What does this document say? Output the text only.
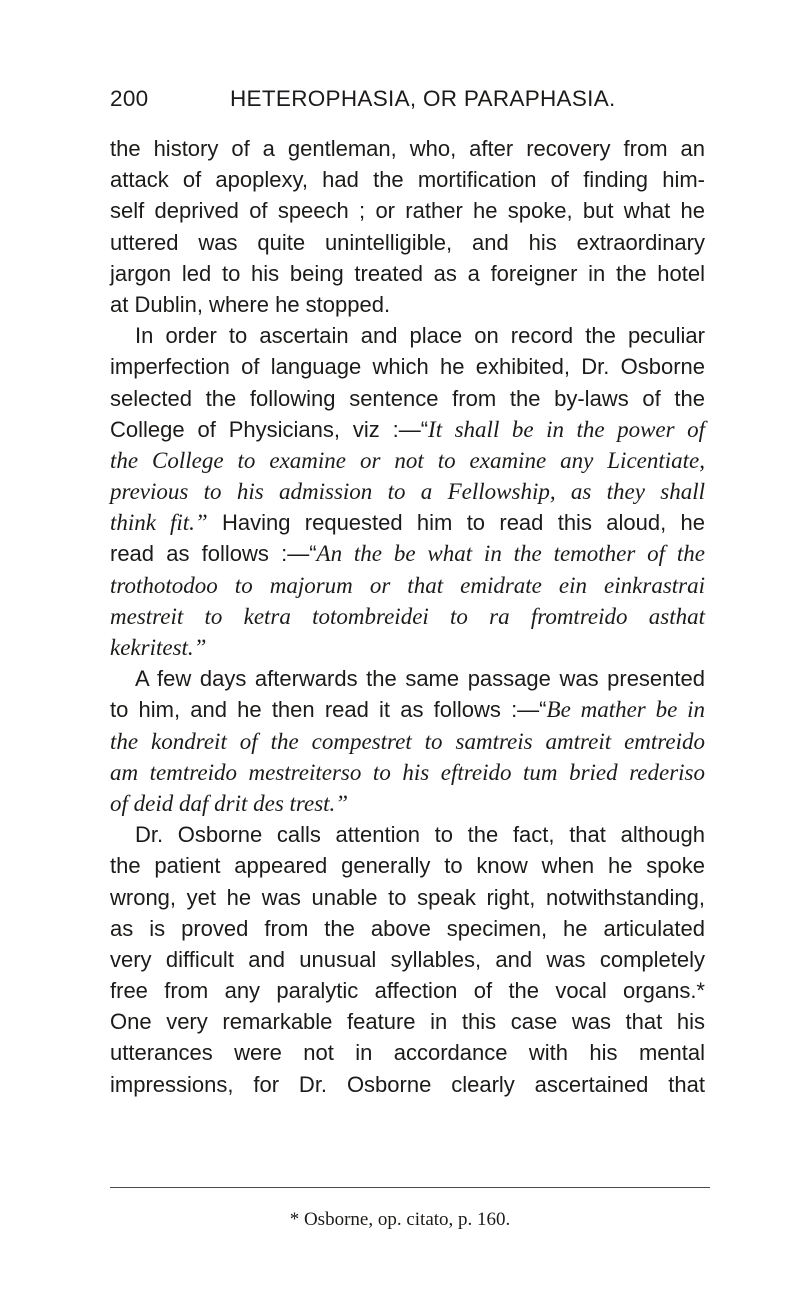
200	HETEROPHASIA, OR PARAPHASIA.
the history of a gentleman, who, after recovery from an
attack of apoplexy, had the mortification of finding him-
self deprived of speech ; or rather he spoke, but what he
uttered was quite unintelligible, and his extraordinary
jargon led to his being treated as a foreigner in the hotel
at Dublin, where he stopped.
In order to ascertain and place on record the peculiar
imperfection of language which he exhibited, Dr. Osborne
selected the following sentence from the by-laws of the
College of Physicians, viz :—“It shall be in the power of
the College to examine or not to examine any Licentiate,
previous to his admission to a Fellowship, as they shall
think fit.” Having requested him to read this aloud, he
read as follows :—“An the be what in the temother of the
trothotodoo to majorum or that emidrate ein einkrastrai
mestreit to ketra totombreidei to ra fromtreido asthat
kekritest.”
A few days afterwards the same passage was presented
to him, and he then read it as follows :—“Be mather be in
the kondreit of the compestret to samtreis amtreit emtreido
am temtreido mestreiterso to his eftreido tum bried rederiso
of deid daf drit des trest.”
Dr. Osborne calls attention to the fact, that although
the patient appeared generally to know when he spoke
wrong, yet he was unable to speak right, notwithstanding,
as is proved from the above specimen, he articulated
very difficult and unusual syllables, and was completely
free from any paralytic affection of the vocal organs.*
One very remarkable feature in this case was that his
utterances were not in accordance with his mental
impressions, for Dr. Osborne clearly ascertained that
* Osborne, op. citato, p. 160.
